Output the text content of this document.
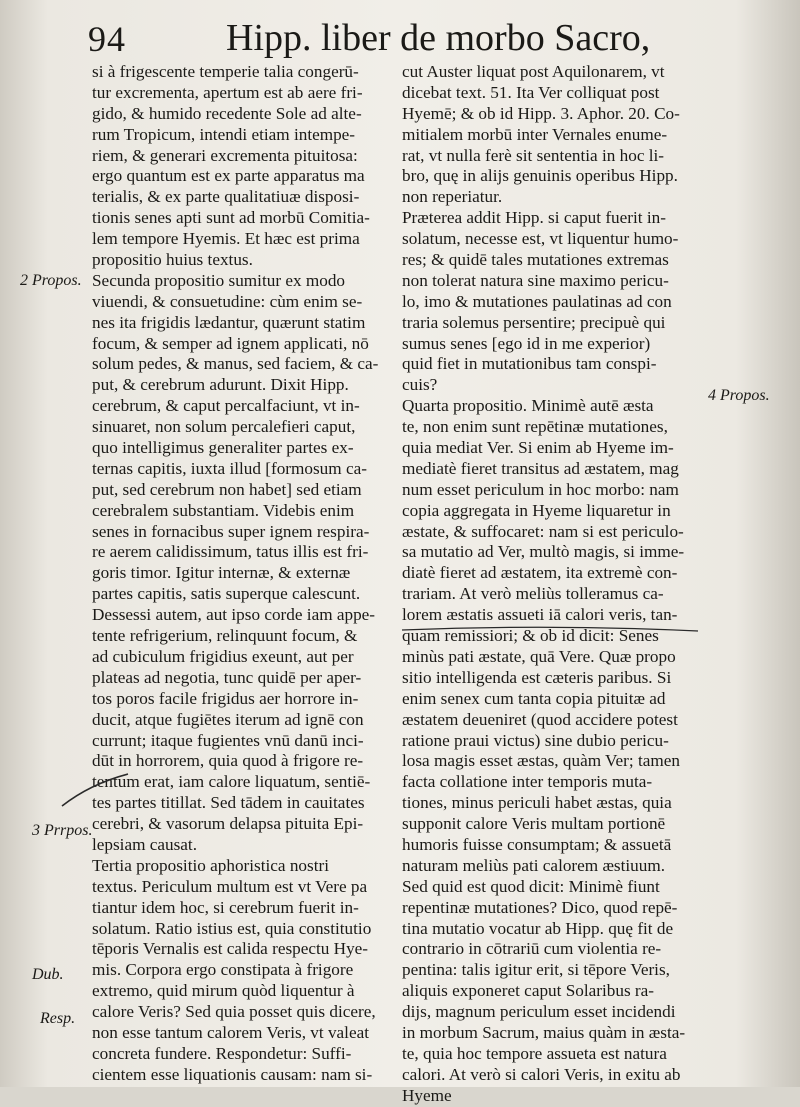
94	Hipp. liber de morbo Sacro,
si à frigescente temperie talia congerū-
tur excrementa, apertum est ab aere fri-
gido, & humido recedente Sole ad alte-
rum Tropicum, intendi etiam intempe-
riem, & generari excrementa pituitosa:
ergo quantum est ex parte apparatus ma
terialis, & ex parte qualitatiuæ disposi-
tionis senes apti sunt ad morbū Comitia-
lem tempore Hyemis. Et hæc est prima
propositio huius textus.
Secunda propositio sumitur ex modo
viuendi, & consuetudine: cùm enim se-
nes ita frigidis lædantur, quærunt statim
focum, & semper ad ignem applicati, nō
solum pedes, & manus, sed faciem, & ca-
put, & cerebrum adurunt. Dixit Hipp.
cerebrum, & caput percalfaciunt, vt in-
sinuaret, non solum percalefieri caput,
quo intelligimus generaliter partes ex-
ternas capitis, iuxta illud [formosum ca-
put, sed cerebrum non habet] sed etiam
cerebralem substantiam. Videbis enim
senes in fornacibus super ignem respira-
re aerem calidissimum, tatus illis est fri-
goris timor. Igitur internæ, & externæ
partes capitis, satis superque calescunt.
Dessessi autem, aut ipso corde iam appe-
tente refrigerium, relinquunt focum, &
ad cubiculum frigidius exeunt, aut per
plateas ad negotia, tunc quidē per aper-
tos poros facile frigidus aer horrore in-
ducit, atque fugiētes iterum ad ignē con
currunt; itaque fugientes vnū danū inci-
dūt in horrorem, quia quod à frigore re-
tentum erat, iam calore liquatum, sentiē-
tes partes titillat. Sed tādem in cauitates
cerebri, & vasorum delapsa pituita Epi-
lepsiam causat.
Tertia propositio aphoristica nostri
textus. Periculum multum est vt Vere pa
tiantur idem hoc, si cerebrum fuerit in-
solatum. Ratio istius est, quia constitutio
tēporis Vernalis est calida respectu Hye-
mis. Corpora ergo constipata à frigore
extremo, quid mirum quòd liquentur à
calore Veris? Sed quia posset quis dicere,
non esse tantum calorem Veris, vt valeat
concreta fundere. Respondetur: Suffi-
cientem esse liquationis causam: nam si-
cut Auster liquat post Aquilonarem, vt
dicebat text. 51. Ita Ver colliquat post
Hyemē; & ob id Hipp. 3. Aphor. 20. Co-
mitialem morbū inter Vernales enume-
rat, vt nulla ferè sit sententia in hoc li-
bro, quę in alijs genuinis operibus Hipp.
non reperiatur.
Præterea addit Hipp. si caput fuerit in-
solatum, necesse est, vt liquentur humo-
res; & quidē tales mutationes extremas
non tolerat natura sine maximo pericu-
lo, imo & mutationes paulatinas ad con
traria solemus persentire; precipuè qui
sumus senes [ego id in me experior)
quid fiet in mutationibus tam conspi-
cuis?
Quarta propositio. Minimè autē æsta
te, non enim sunt repētinæ mutationes,
quia mediat Ver. Si enim ab Hyeme im-
mediatè fieret transitus ad æstatem, mag
num esset periculum in hoc morbo: nam
copia aggregata in Hyeme liquaretur in
æstate, & suffocaret: nam si est periculo-
sa mutatio ad Ver, multò magis, si imme-
diatè fieret ad æstatem, ita extremè con-
trariam. At verò meliùs tolleramus ca-
lorem æstatis assueti iā calori veris, tan-
quam remissiori; & ob id dicit: Senes
minùs pati æstate, quā Vere. Quæ propo
sitio intelligenda est cæteris paribus. Si
enim senex cum tanta copia pituitæ ad
æstatem deueniret (quod accidere potest
ratione praui victus) sine dubio pericu-
losa magis esset æstas, quàm Ver; tamen
facta collatione inter temporis muta-
tiones, minus periculi habet æstas, quia
supponit calore Veris multam portionē
humoris fuisse consumptam; & assuetā
naturam meliùs pati calorem æstiuum.
Sed quid est quod dicit: Minimè fiunt
repentinæ mutationes? Dico, quod repē-
tina mutatio vocatur ab Hipp. quę fit de
contrario in cōtrariū cum violentia re-
pentina: talis igitur erit, si tēpore Veris,
aliquis exponeret caput Solaribus ra-
dijs, magnum periculum esset incidendi
in morbum Sacrum, maius quàm in æsta-
te, quia hoc tempore assueta est natura
calori. At verò si calori Veris, in exitu ab
Hyeme
2 Propos.
3 Prrpos.
4 Propos.
Dub.
Resp.
